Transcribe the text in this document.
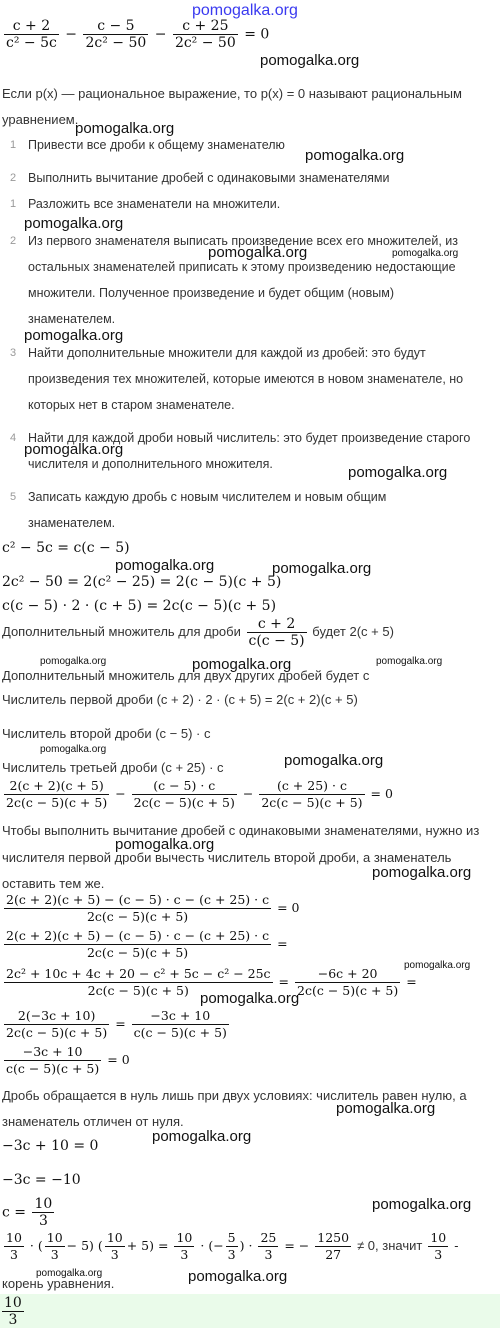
pomogalka.org
$\frac{c + 2}{\text{c² − 5c}} - \frac{c - 5}{\text{2c² − 50}} - \frac{c + 25}{\text{2c² − 50}} = 0$
pomogalka.org
Если p(x) — рациональное выражение, то p(x) = 0 называют рациональным
уравнением.
pomogalka.org
1 Привести все дроби к общему знаменателю
pomogalka.org
2 Выполнить вычитание дробей с одинаковыми знаменателями
1 Разложить все знаменатели на множители.
pomogalka.org
2 Из первого знаменателя выписать произведение всех его множителей, из остальных знаменателей приписать к этому произведению недостающие множители. Полученное произведение и будет общим (новым) знаменателем.
pomogalka.org	pomogalka.org
pomogalka.org
3 Найти дополнительные множители для каждой из дробей: это будут произведения тех множителей, которые имеются в новом знаменателе, но которых нет в старом знаменателе.
4 Найти для каждой дроби новый числитель: это будет произведение старого числителя и дополнительного множителя.
pomogalka.org
pomogalka.org
5 Записать каждую дробь с новым числителем и новым общим знаменателем.
c² − 5c = c(c − 5)
pomogalka.org	pomogalka.org
2c² − 50 = 2(c² − 25) = 2(c − 5)(c + 5)
c(c − 5) · 2 · (c + 5) = 2c(c − 5)(c + 5)
Дополнительный множитель для дроби $\frac{c + 2}{c(c - 5)}$ будет 2(c + 5)
pomogalka.org	pomogalka.org	pomogalka.org
Дополнительный множитель для двух других дробей будет c
Числитель первой дроби (c + 2) · 2 · (c + 5) = 2(c + 2)(c + 5)
Числитель второй дроби (c − 5) · c
pomogalka.org
pomogalka.org
Числитель третьей дроби (c + 25) · c
$\frac{2(c + 2)(c + 5)}{2c(c - 5)(c + 5)} - \frac{(c - 5) \cdot c}{2c(c - 5)(c + 5)} - \frac{(c + 25) \cdot c}{2c(c - 5)(c + 5)} = 0$
Чтобы выполнить вычитание дробей с одинаковыми знаменателями, нужно из
pomogalka.org
числителя первой дроби вычесть числитель второй дроби, а знаменатель
pomogalka.org
оставить тем же.
$\frac{2(c + 2)(c + 5) - (c - 5) \cdot c - (c + 25) \cdot c}{2c(c - 5)(c + 5)} = 0$
$\frac{2(c + 2)(c + 5) - (c - 5) \cdot c - (c + 25) \cdot c}{2c(c - 5)(c + 5)}$ =
pomogalka.org
$\frac{\text{2c² + 10c + 4c + 20 − c² + 5c − c² − 25c}}{2c(c - 5)(c + 5)} = \frac{-6c + 20}{2c(c - 5)(c + 5)}$ =
pomogalka.org
$\frac{2(-3c + 10)}{2c(c - 5)(c + 5)} = \frac{-3c + 10}{c(c - 5)(c + 5)}$
$\frac{-3c + 10}{c(c - 5)(c + 5)} = 0$
Дробь обращается в нуль лишь при двух условиях: числитель равен нулю, а
pomogalka.org
знаменатель отличен от нуля.
pomogalka.org
−3c + 10 = 0
−3c = −10
pomogalka.org
$c = \frac{10}{3}$
$\frac{10}{3}$ · ( $\frac{10}{3} - 5$) ( $\frac{10}{3} + 5) = \frac{10}{3}$ · (− $\frac{5}{3}$ ) · $\frac{25}{3}$ = − $\frac{1250}{27} \ne 0$, значит $\frac{10}{3}$ -
корень уравнения.
pomogalka.org	pomogalka.org
$\frac{10}{3}$
